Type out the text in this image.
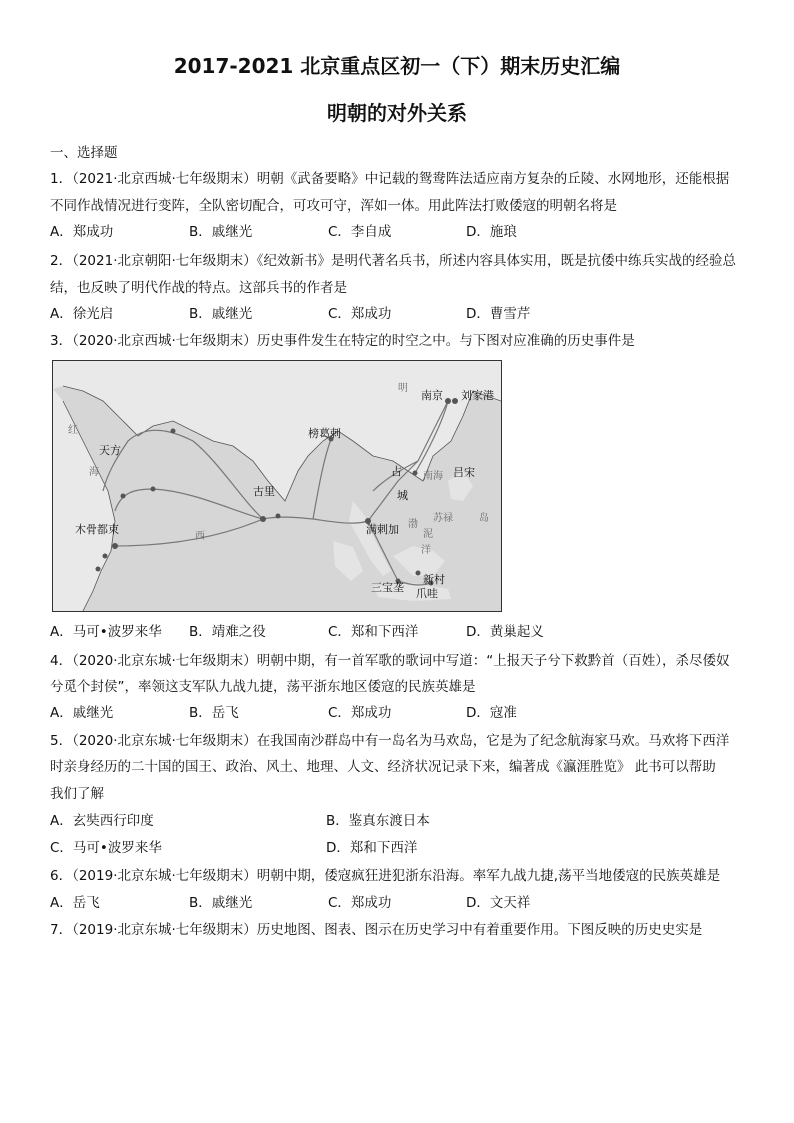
2017-2021 北京重点区初一（下）期末历史汇编
明朝的对外关系
一、选择题
1．（2021·北京西城·七年级期末）明朝《武备要略》中记载的鸳鸯阵法适应南方复杂的丘陵、水网地形，还能根据
不同作战情况进行变阵，全队密切配合，可攻可守，浑如一体。用此阵法打败倭寇的明朝名将是
A．郑成功	B．戚继光	C．李自成	D．施琅
2．（2021·北京朝阳·七年级期末）《纪效新书》是明代著名兵书，所述内容具体实用，既是抗倭中练兵实战的经验总
结，也反映了明代作战的特点。这部兵书的作者是
A．徐光启	B．戚继光	C．郑成功	D．曹雪芹
3．（2020·北京西城·七年级期末）历史事件发生在特定的时空之中。与下图对应准确的历史事件是
南京 刘家港
明
天方
榜葛剌
古里
占
城
吕宋
木骨都束	满剌加
苏禄
三宝垄
新村
爪哇
南海
西
红
海
渤
泥
洋
岛
A．马可•波罗来华 B．靖难之役	C．郑和下西洋	D．黄巢起义
4．（2020·北京东城·七年级期末）明朝中期，有一首军歌的歌词中写道：“上报天子兮下救黔首（百姓），杀尽倭奴
兮觅个封侯”，率领这支军队九战九捷，荡平浙东地区倭寇的民族英雄是
A．戚继光	B．岳飞	C．郑成功	D．寇准
5．（2020·北京东城·七年级期末）在我国南沙群岛中有一岛名为马欢岛，它是为了纪念航海家马欢。马欢将下西洋
时亲身经历的二十国的国王、政治、风土、地理、人文、经济状况记录下来，编著成《瀛涯胜览》 此书可以帮助
我们了解
A．玄奘西行印度	B．鉴真东渡日本
C．马可•波罗来华	D．郑和下西洋
6．（2019·北京东城·七年级期末）明朝中期，倭寇疯狂进犯浙东沿海。率军九战九捷,荡平当地倭寇的民族英雄是
A．岳飞	B．戚继光	C．郑成功	D．文天祥
7．（2019·北京东城·七年级期末）历史地图、图表、图示在历史学习中有着重要作用。下图反映的历史史实是
